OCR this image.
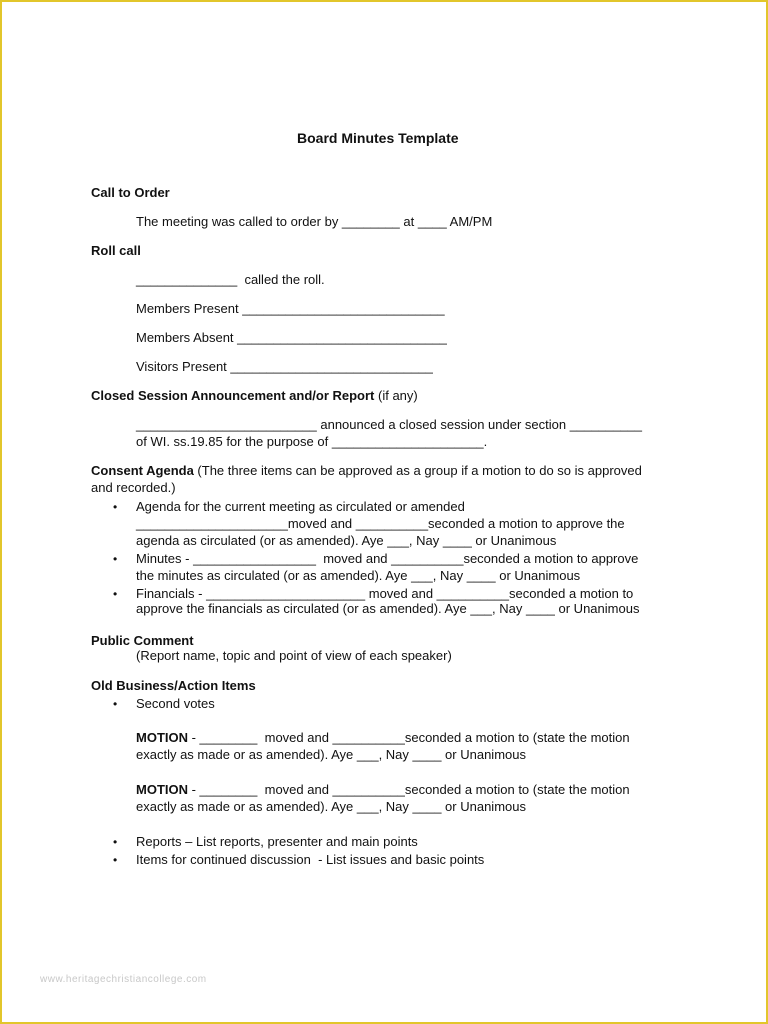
Board Minutes Template
Call to Order
The meeting was called to order by ________ at ____ AM/PM
Roll call
______________  called the roll.
Members Present ____________________________
Members Absent _____________________________
Visitors Present ____________________________
Closed Session Announcement and/or Report (if any)
_________________________ announced a closed session under section __________
of WI. ss.19.85 for the purpose of _____________________.
Consent Agenda (The three items can be approved as a group if a motion to do so is approved
and recorded.)
• Agenda for the current meeting as circulated or amended
_____________________moved and __________seconded a motion to approve the
agenda as circulated (or as amended). Aye ___, Nay ____ or Unanimous
• Minutes - _________________  moved and __________seconded a motion to approve
the minutes as circulated (or as amended). Aye ___, Nay ____ or Unanimous
• Financials - ______________________ moved and __________seconded a motion to
approve the financials as circulated (or as amended). Aye ___, Nay ____ or Unanimous
Public Comment
(Report name, topic and point of view of each speaker)
Old Business/Action Items
• Second votes
MOTION - ________  moved and __________seconded a motion to (state the motion
exactly as made or as amended). Aye ___, Nay ____ or Unanimous
MOTION - ________  moved and __________seconded a motion to (state the motion
exactly as made or as amended). Aye ___, Nay ____ or Unanimous
• Reports – List reports, presenter and main points
• Items for continued discussion  - List issues and basic points
www.heritagechristiancollege.com
